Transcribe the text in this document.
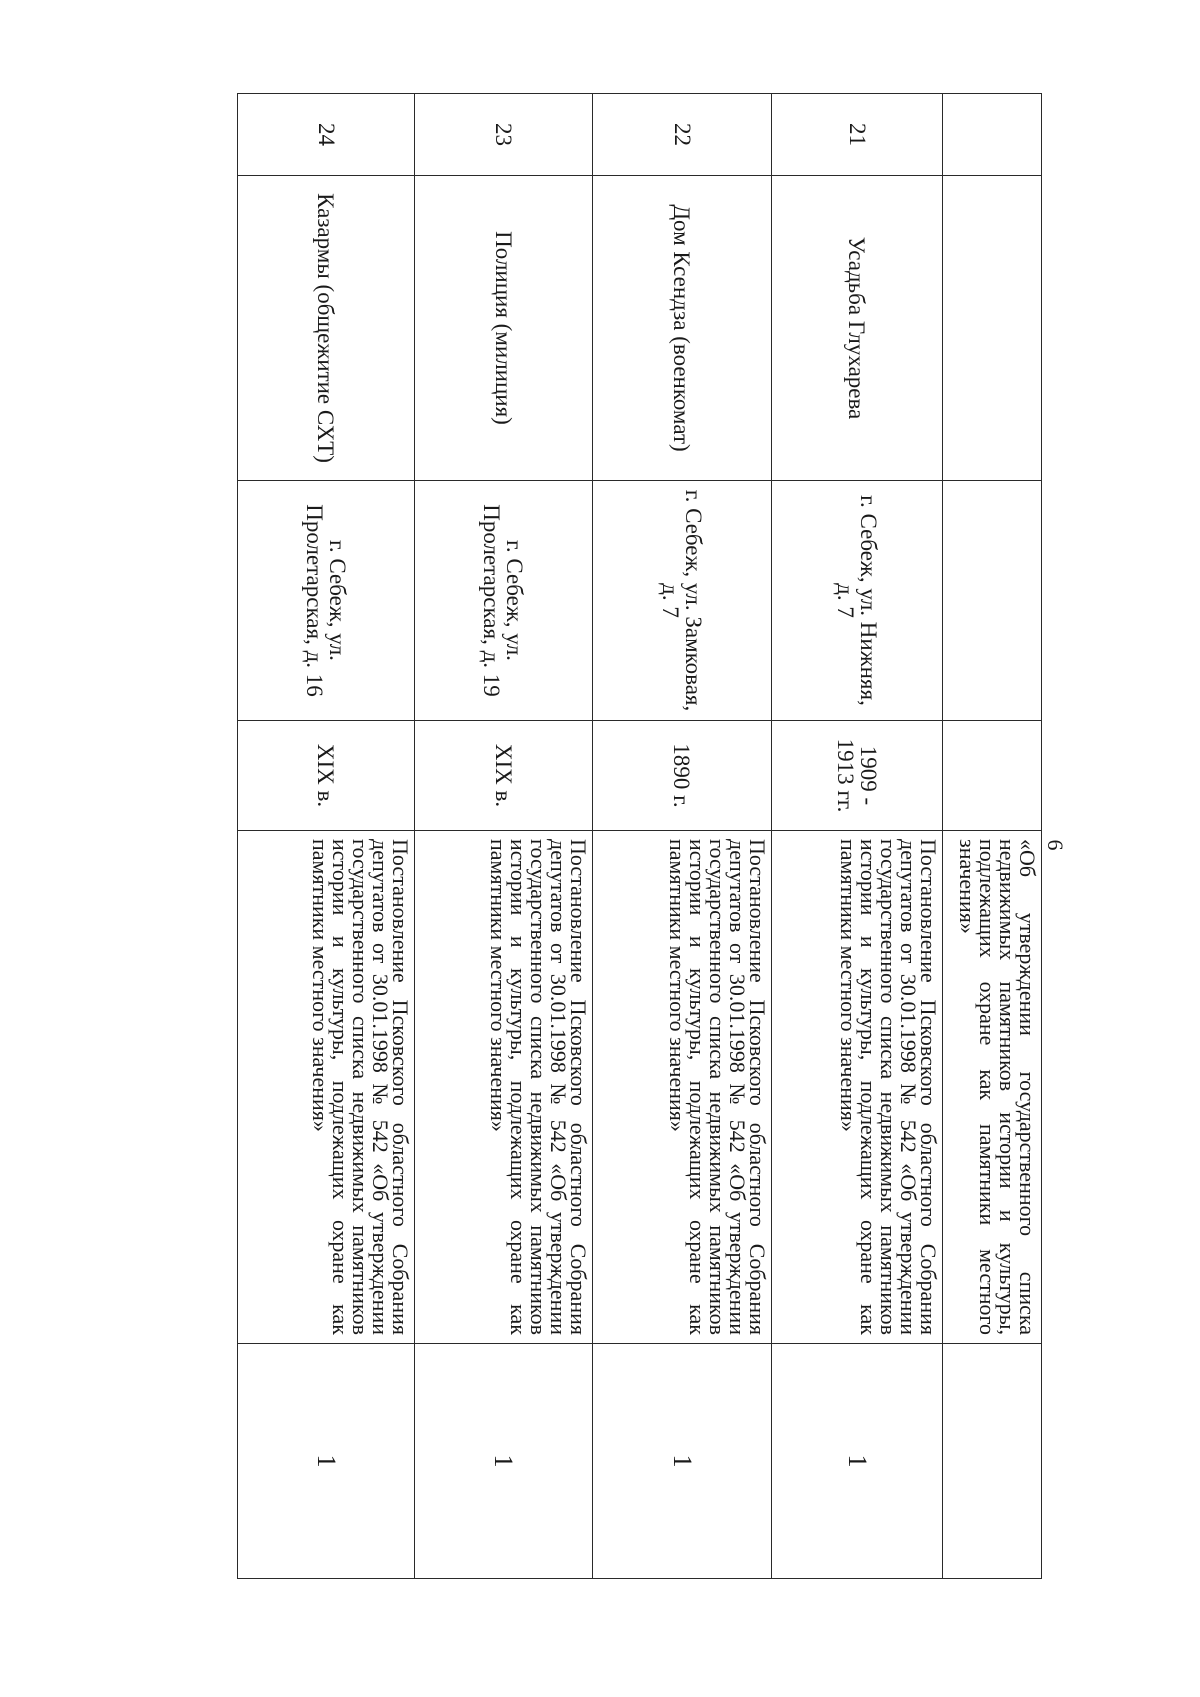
6
				«Об утверждении государственного списка недвижимых памятников истории и культуры, подлежащих охране как памятники местного значения»	
21	Усадьба Глухарева	г. Себеж, ул. Нижняя, д. 7	1909 - 1913 гг.	Постановление Псковского областного Собрания депутатов от 30.01.1998 № 542 «Об утверждении государственного списка недвижимых памятников истории и культуры, подлежащих охране как памятники местного значения»	1
22	Дом Ксендза (военкомат)	г. Себеж, ул. Замковая, д. 7	1890 г.	Постановление Псковского областного Собрания депутатов от 30.01.1998 № 542 «Об утверждении государственного списка недвижимых памятников истории и культуры, подлежащих охране как памятники местного значения»	1
23	Полиция (милиция)	г. Себеж, ул. Пролетарская, д. 19	XIX в.	Постановление Псковского областного Собрания депутатов от 30.01.1998 № 542 «Об утверждении государственного списка недвижимых памятников истории и культуры, подлежащих охране как памятники местного значения»	1
24	Казармы (общежитие СХТ)	г. Себеж, ул. Пролетарская, д. 16	XIX в.	Постановление Псковского областного Собрания депутатов от 30.01.1998 № 542 «Об утверждении государственного списка недвижимых памятников истории и культуры, подлежащих охране как памятники местного значения»	1
